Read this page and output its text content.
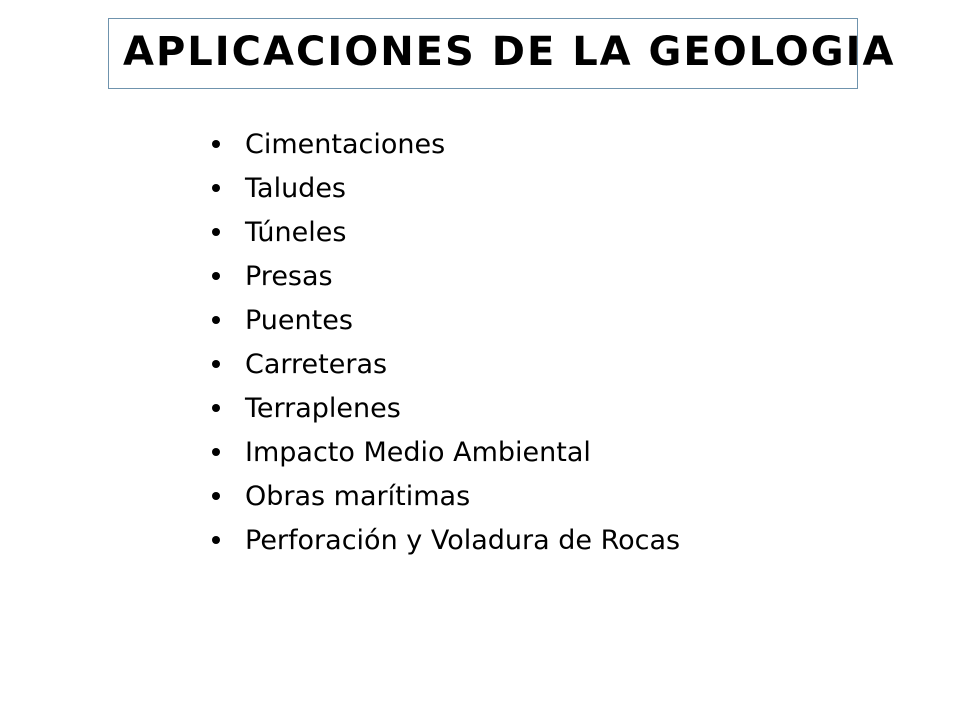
APLICACIONES DE LA GEOLOGIA
Cimentaciones
Taludes
Túneles
Presas
Puentes
Carreteras
Terraplenes
Impacto Medio Ambiental
Obras marítimas
Perforación y Voladura de Rocas
